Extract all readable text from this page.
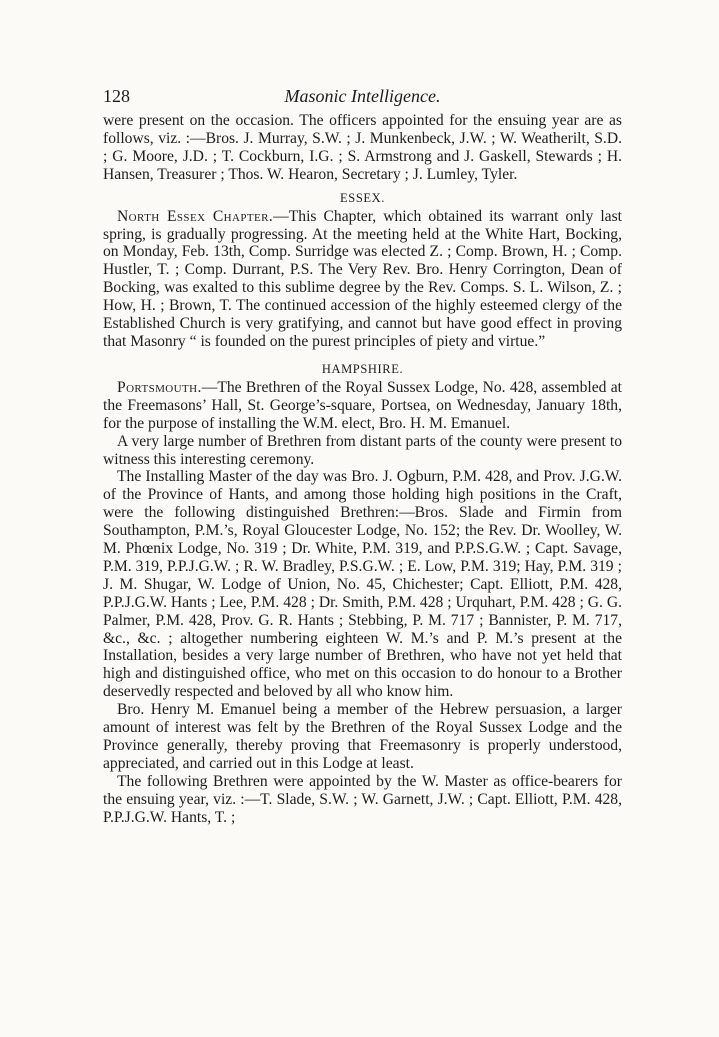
128	Masonic Intelligence.

were present on the occasion. The officers appointed for the ensuing year are as follows, viz. :—Bros. J. Murray, S.W. ; J. Munkenbeck, J.W. ; W. Weatherilt, S.D. ; G. Moore, J.D. ; T. Cockburn, I.G. ; S. Armstrong and J. Gaskell, Stewards ; H. Hansen, Treasurer ; Thos. W. Hearon, Secretary ; J. Lumley, Tyler.

ESSEX.

North Essex Chapter.—This Chapter, which obtained its warrant only last spring, is gradually progressing. At the meeting held at the White Hart, Bocking, on Monday, Feb. 13th, Comp. Surridge was elected Z. ; Comp. Brown, H. ; Comp. Hustler, T. ; Comp. Durrant, P.S. The Very Rev. Bro. Henry Corrington, Dean of Bocking, was exalted to this sublime degree by the Rev. Comps. S. L. Wilson, Z. ; How, H. ; Brown, T. The continued accession of the highly esteemed clergy of the Established Church is very gratifying, and cannot but have good effect in proving that Masonry “ is founded on the purest principles of piety and virtue.”

HAMPSHIRE.

Portsmouth.—The Brethren of the Royal Sussex Lodge, No. 428, assembled at the Freemasons’ Hall, St. George’s-square, Portsea, on Wednesday, January 18th, for the purpose of installing the W.M. elect, Bro. H. M. Emanuel.

A very large number of Brethren from distant parts of the county were present to witness this interesting ceremony.

The Installing Master of the day was Bro. J. Ogburn, P.M. 428, and Prov. J.G.W. of the Province of Hants, and among those holding high positions in the Craft, were the following distinguished Brethren:—Bros. Slade and Firmin from Southampton, P.M.’s, Royal Gloucester Lodge, No. 152; the Rev. Dr. Woolley, W. M. Phœnix Lodge, No. 319 ; Dr. White, P.M. 319, and P.P.S.G.W. ; Capt. Savage, P.M. 319, P.P.J.G.W. ; R. W. Bradley, P.S.G.W. ; E. Low, P.M. 319; Hay, P.M. 319 ; J. M. Shugar, W. Lodge of Union, No. 45, Chichester; Capt. Elliott, P.M. 428, P.P.J.G.W. Hants ; Lee, P.M. 428 ; Dr. Smith, P.M. 428 ; Urquhart, P.M. 428 ; G. G. Palmer, P.M. 428, Prov. G. R. Hants ; Stebbing, P. M. 717 ; Bannister, P. M. 717, &c., &c. ; altogether numbering eighteen W. M.’s and P. M.’s present at the Installation, besides a very large number of Brethren, who have not yet held that high and distinguished office, who met on this occasion to do honour to a Brother deservedly respected and beloved by all who know him.

Bro. Henry M. Emanuel being a member of the Hebrew persuasion, a larger amount of interest was felt by the Brethren of the Royal Sussex Lodge and the Province generally, thereby proving that Freemasonry is properly understood, appreciated, and carried out in this Lodge at least.

The following Brethren were appointed by the W. Master as office-bearers for the ensuing year, viz. :—T. Slade, S.W. ; W. Garnett, J.W. ; Capt. Elliott, P.M. 428, P.P.J.G.W. Hants, T. ;
